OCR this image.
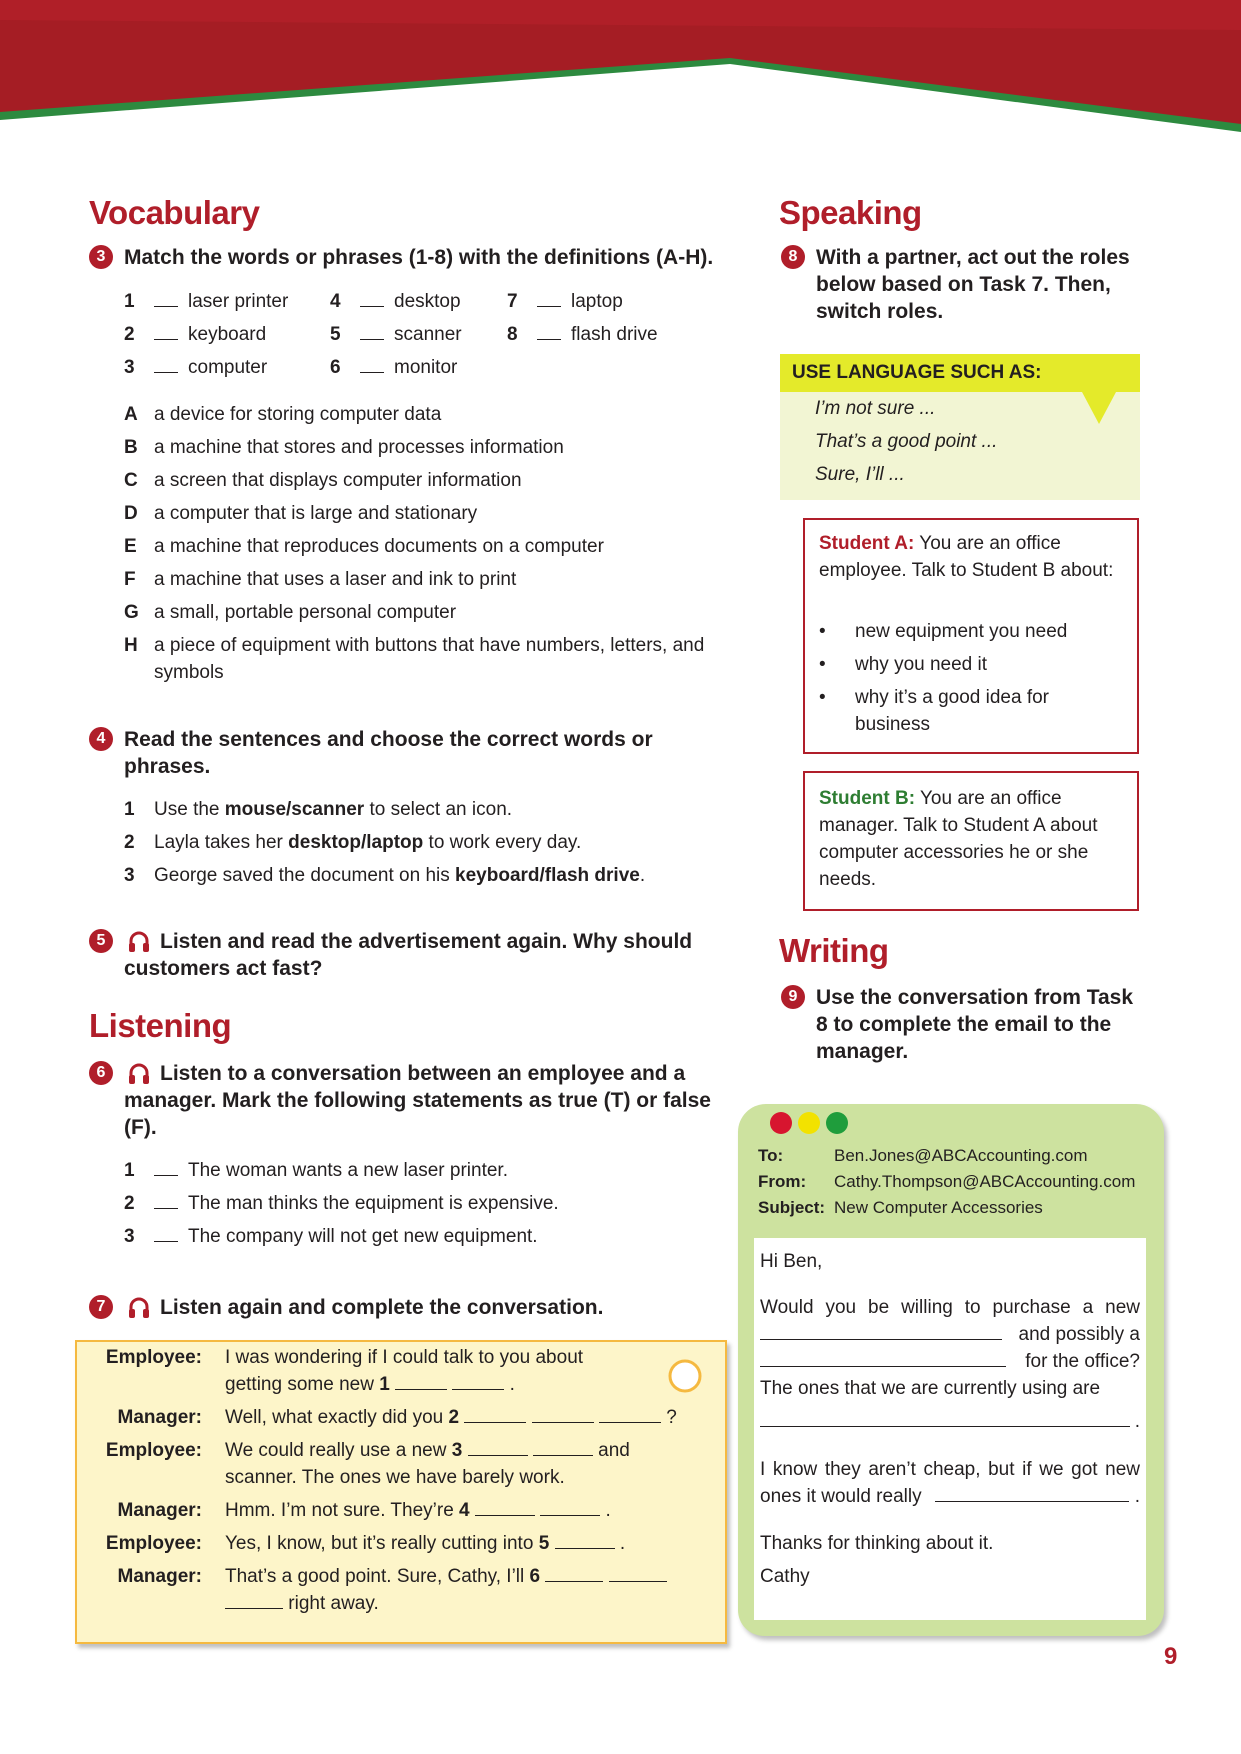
Vocabulary
3 Match the words or phrases (1-8) with the definitions (A-H).
1	laser printer
2	keyboard
3	computer
4	desktop
5	scanner
6	monitor
7	laptop
8	flash drive
A a device for storing computer data
B a machine that stores and processes information
C a screen that displays computer information
D a computer that is large and stationary
E a machine that reproduces documents on a computer
F a machine that uses a laser and ink to print
G a small, portable personal computer
H a piece of equipment with buttons that have numbers, letters, and symbols
4 Read the sentences and choose the correct words or phrases.
1 Use the mouse/scanner to select an icon.
2 Layla takes her desktop/laptop to work every day.
3 George saved the document on his keyboard/flash drive.
5	Listen and read the advertisement again. Why should customers act fast?
Listening
6	Listen to a conversation between an employee and a manager. Mark the following statements as true (T) or false (F).
1	The woman wants a new laser printer.
2	The man thinks the equipment is expensive.
3	The company will not get new equipment.
7	Listen again and complete the conversation.
Employee: I was wondering if I could talk to you about
getting some new 1	.
Manager: Well, what exactly did you 2	?
Employee: We could really use a new 3	and
scanner. The ones we have barely work.
Manager: Hmm. I’m not sure. They’re 4	.
Employee: Yes, I know, but it’s really cutting into 5	.
Manager: That’s a good point. Sure, Cathy, I’ll 6
right away.
Speaking
8 With a partner, act out the roles below based on Task 7. Then, switch roles.
USE LANGUAGE SUCH AS:
I’m not sure ...
That’s a good point ...
Sure, I’ll ...
Student A: You are an office employee. Talk to Student B about:
• new equipment you need
• why you need it
• why it’s a good idea for business
Student B: You are an office manager. Talk to Student A about computer accessories he or she needs.
Writing
9 Use the conversation from Task 8 to complete the email to the manager.
To:	Ben.Jones@ABCAccounting.com
From: Cathy.Thompson@ABCAccounting.com
Subject: New Computer Accessories
Hi Ben,
Would you be willing to purchase a new
and possibly a
for the office?
The ones that we are currently using are
.
I know they aren’t cheap, but if we got new
ones it would really	.
Thanks for thinking about it.
Cathy
9
